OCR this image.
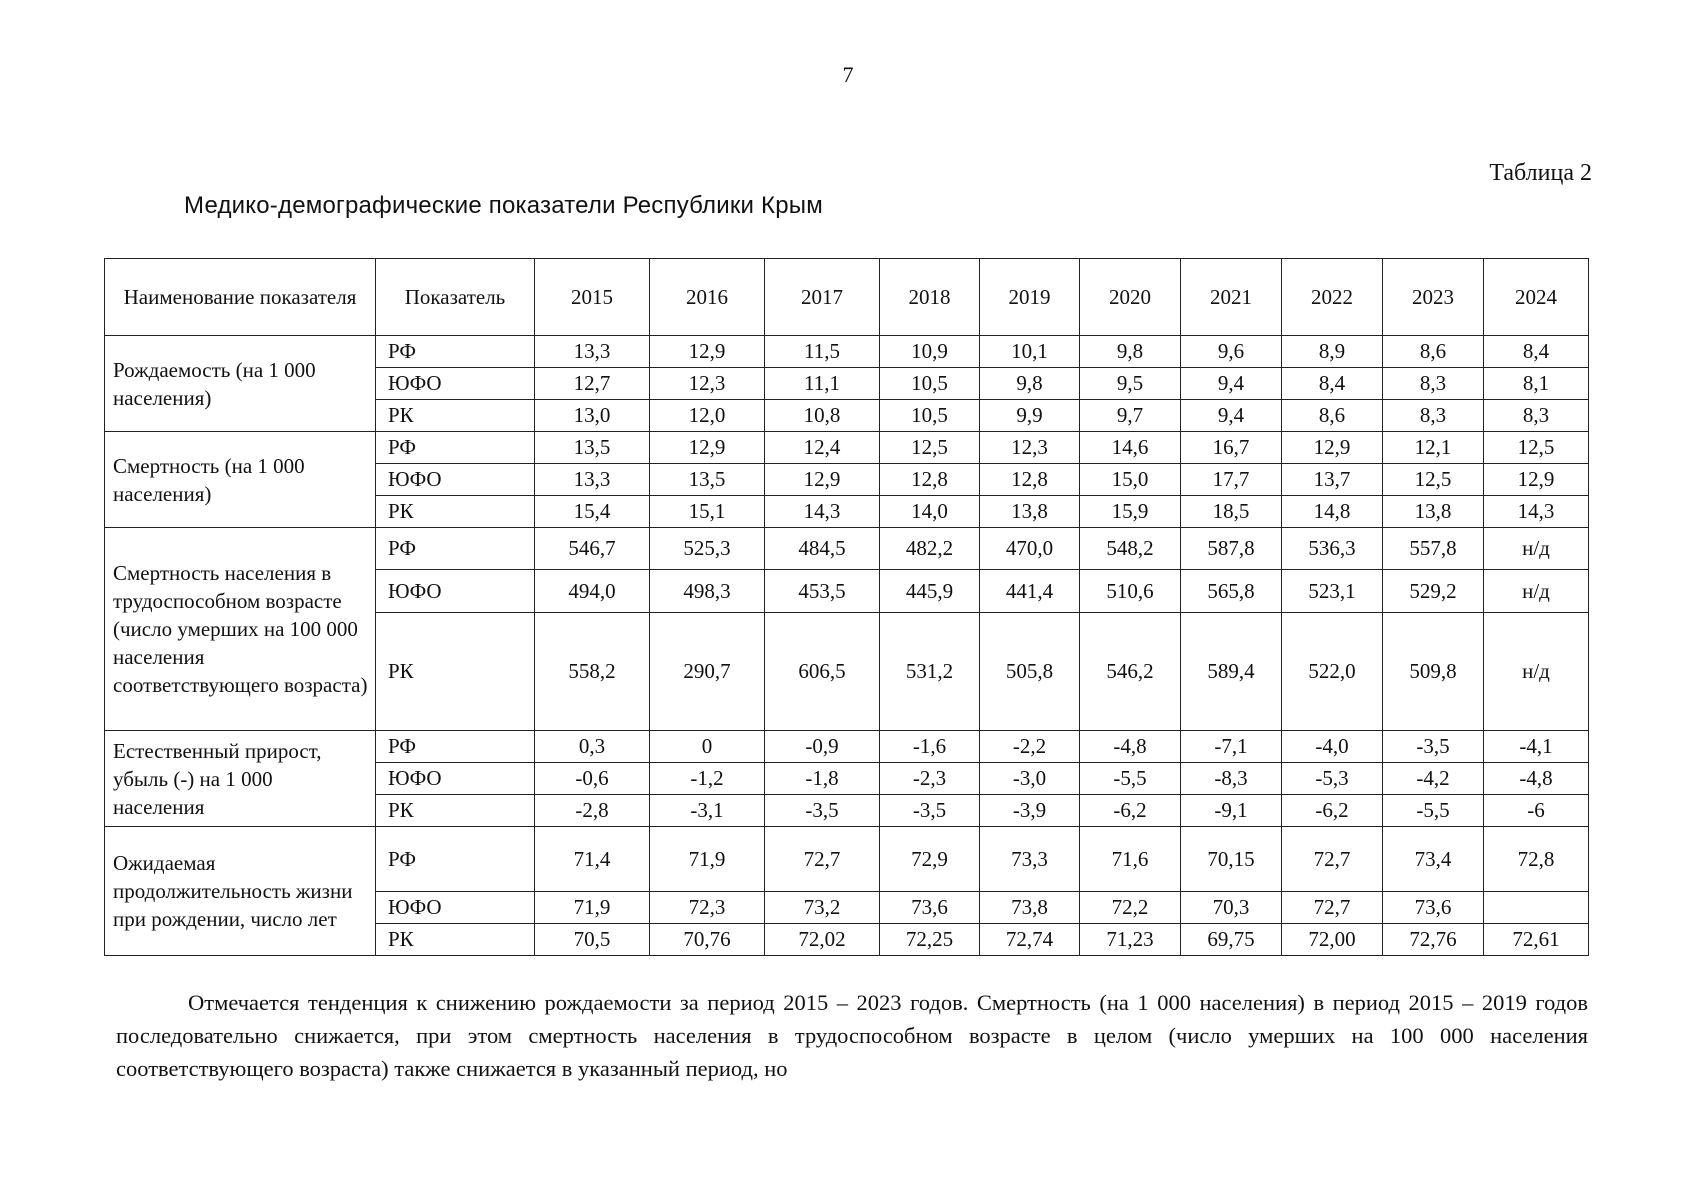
7
Таблица 2
Медико-демографические показатели Республики Крым
Наименование показателя	Показатель	2015	2016	2017	2018	2019	2020	2021	2022	2023	2024
Рождаемость (на 1 000 населения)	РФ	13,3	12,9	11,5	10,9	10,1	9,8	9,6	8,9	8,6	8,4
	ЮФО	12,7	12,3	11,1	10,5	9,8	9,5	9,4	8,4	8,3	8,1
	РК	13,0	12,0	10,8	10,5	9,9	9,7	9,4	8,6	8,3	8,3
Смертность (на 1 000 населения)	РФ	13,5	12,9	12,4	12,5	12,3	14,6	16,7	12,9	12,1	12,5
	ЮФО	13,3	13,5	12,9	12,8	12,8	15,0	17,7	13,7	12,5	12,9
	РК	15,4	15,1	14,3	14,0	13,8	15,9	18,5	14,8	13,8	14,3
Смертность населения в трудоспособном возрасте (число умерших на 100 000 населения соответствующего возраста)	РФ	546,7	525,3	484,5	482,2	470,0	548,2	587,8	536,3	557,8	н/д
	ЮФО	494,0	498,3	453,5	445,9	441,4	510,6	565,8	523,1	529,2	н/д
	РК	558,2	290,7	606,5	531,2	505,8	546,2	589,4	522,0	509,8	н/д
Естественный прирост, убыль (-) на 1 000 населения	РФ	0,3	0	-0,9	-1,6	-2,2	-4,8	-7,1	-4,0	-3,5	-4,1
	ЮФО	-0,6	-1,2	-1,8	-2,3	-3,0	-5,5	-8,3	-5,3	-4,2	-4,8
	РК	-2,8	-3,1	-3,5	-3,5	-3,9	-6,2	-9,1	-6,2	-5,5	-6
Ожидаемая продолжительность жизни при рождении, число лет	РФ	71,4	71,9	72,7	72,9	73,3	71,6	70,15	72,7	73,4	72,8
	ЮФО	71,9	72,3	73,2	73,6	73,8	72,2	70,3	72,7	73,6	
	РК	70,5	70,76	72,02	72,25	72,74	71,23	69,75	72,00	72,76	72,61
Отмечается тенденция к снижению рождаемости за период 2015 – 2023 годов. Смертность (на 1 000 населения) в период 2015 – 2019 годов последовательно снижается, при этом смертность населения в трудоспособном возрасте в целом (число умерших на 100 000 населения соответствующего возраста) также снижается в указанный период, но
